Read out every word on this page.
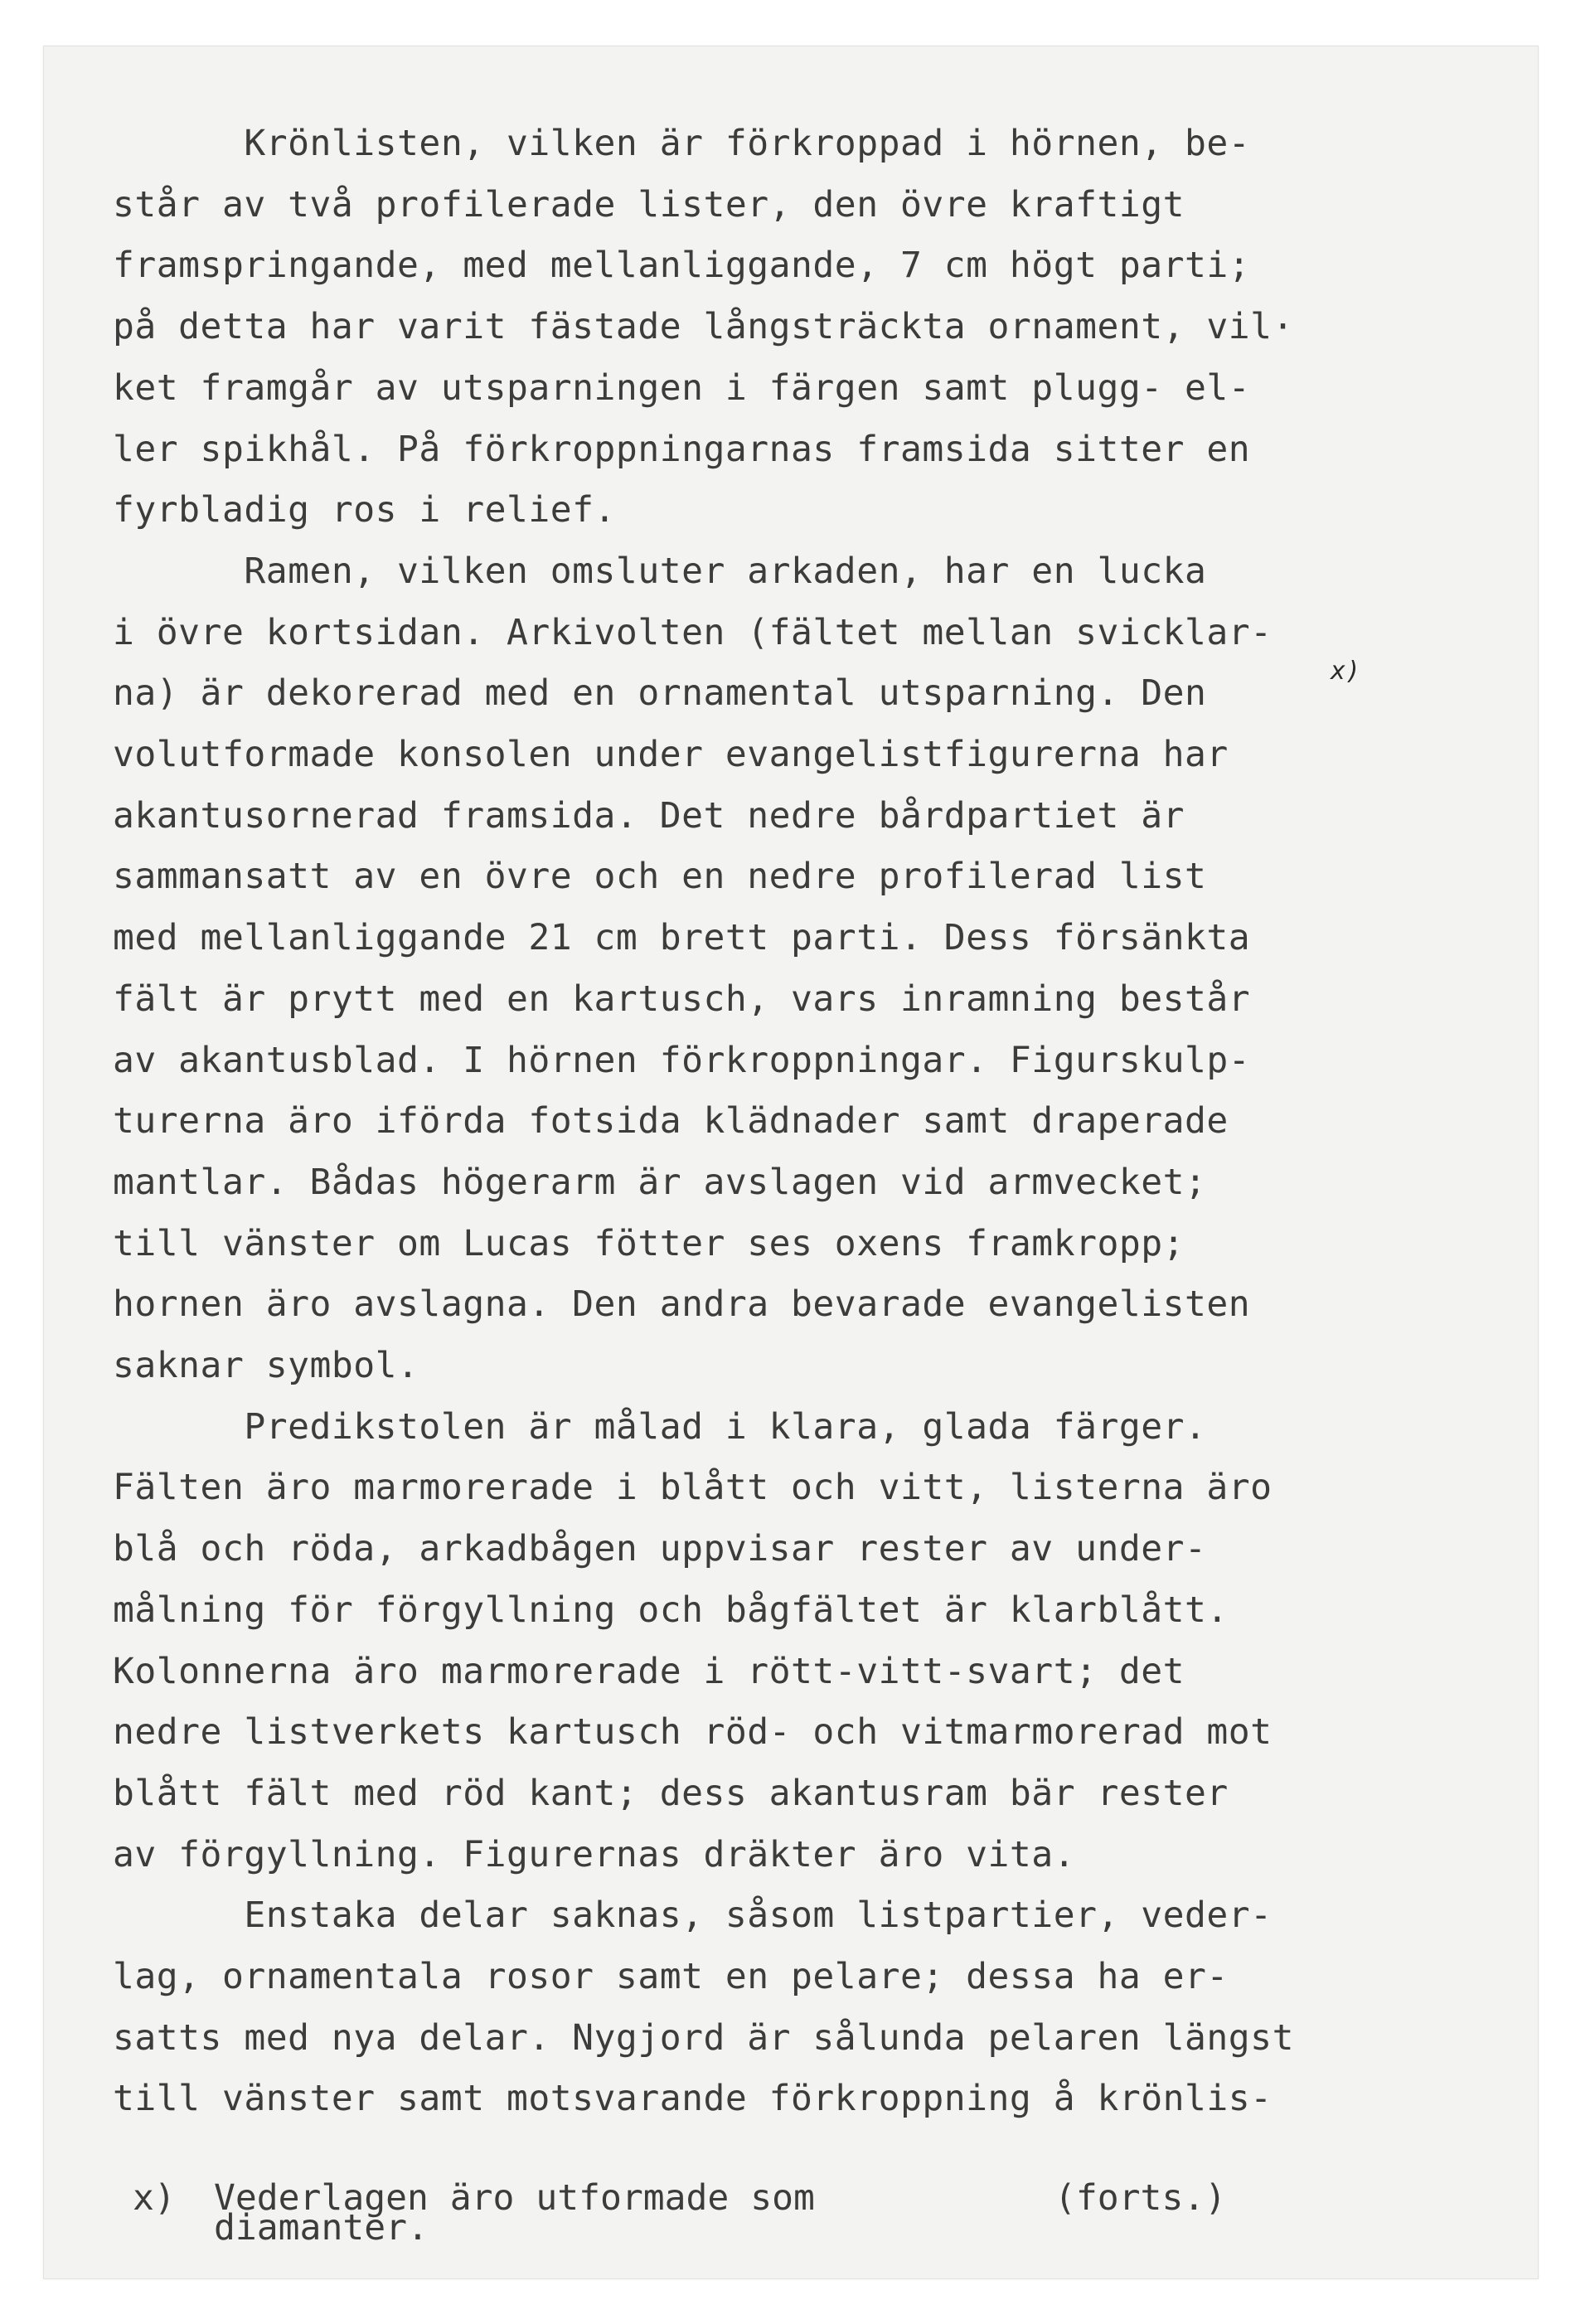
Krönlisten, vilken är förkroppad i hörnen, be-

står av två profilerade lister, den övre kraftigt

framspringande, med mellanliggande, 7 cm högt parti;

på detta har varit fästade långsträckta ornament, vil·

ket framgår av utsparningen i färgen samt plugg- el-

ler spikhål. På förkroppningarnas framsida sitter en

fyrbladig ros i relief.

Ramen, vilken omsluter arkaden, har en lucka

i övre kortsidan. Arkivolten (fältet mellan svicklar-

na) är dekorerad med en ornamental utsparning. Den

volutformade konsolen under evangelistfigurerna har

akantusornerad framsida. Det nedre bårdpartiet är

sammansatt av en övre och en nedre profilerad list

med mellanliggande 21 cm brett parti. Dess försänkta

fält är prytt med en kartusch, vars inramning består

av akantusblad. I hörnen förkroppningar. Figurskulp-

turerna äro iförda fotsida klädnader samt draperade

mantlar. Bådas högerarm är avslagen vid armvecket;

till vänster om Lucas fötter ses oxens framkropp;

hornen äro avslagna. Den andra bevarade evangelisten

saknar symbol.

Predikstolen är målad i klara, glada färger.

Fälten äro marmorerade i blått och vitt, listerna äro

blå och röda, arkadbågen uppvisar rester av under-

målning för förgyllning och bågfältet är klarblått.

Kolonnerna äro marmorerade i rött-vitt-svart; det

nedre listverkets kartusch röd- och vitmarmorerad mot

blått fält med röd kant; dess akantusram bär rester

av förgyllning. Figurernas dräkter äro vita.

Enstaka delar saknas, såsom listpartier, veder-

lag, ornamentala rosor samt en pelare; dessa ha er-

satts med nya delar. Nygjord är sålunda pelaren längst

till vänster samt motsvarande förkroppning å krönlis-

x)

x) Vederlagen äro utformade som

diamanter.

(forts.)
